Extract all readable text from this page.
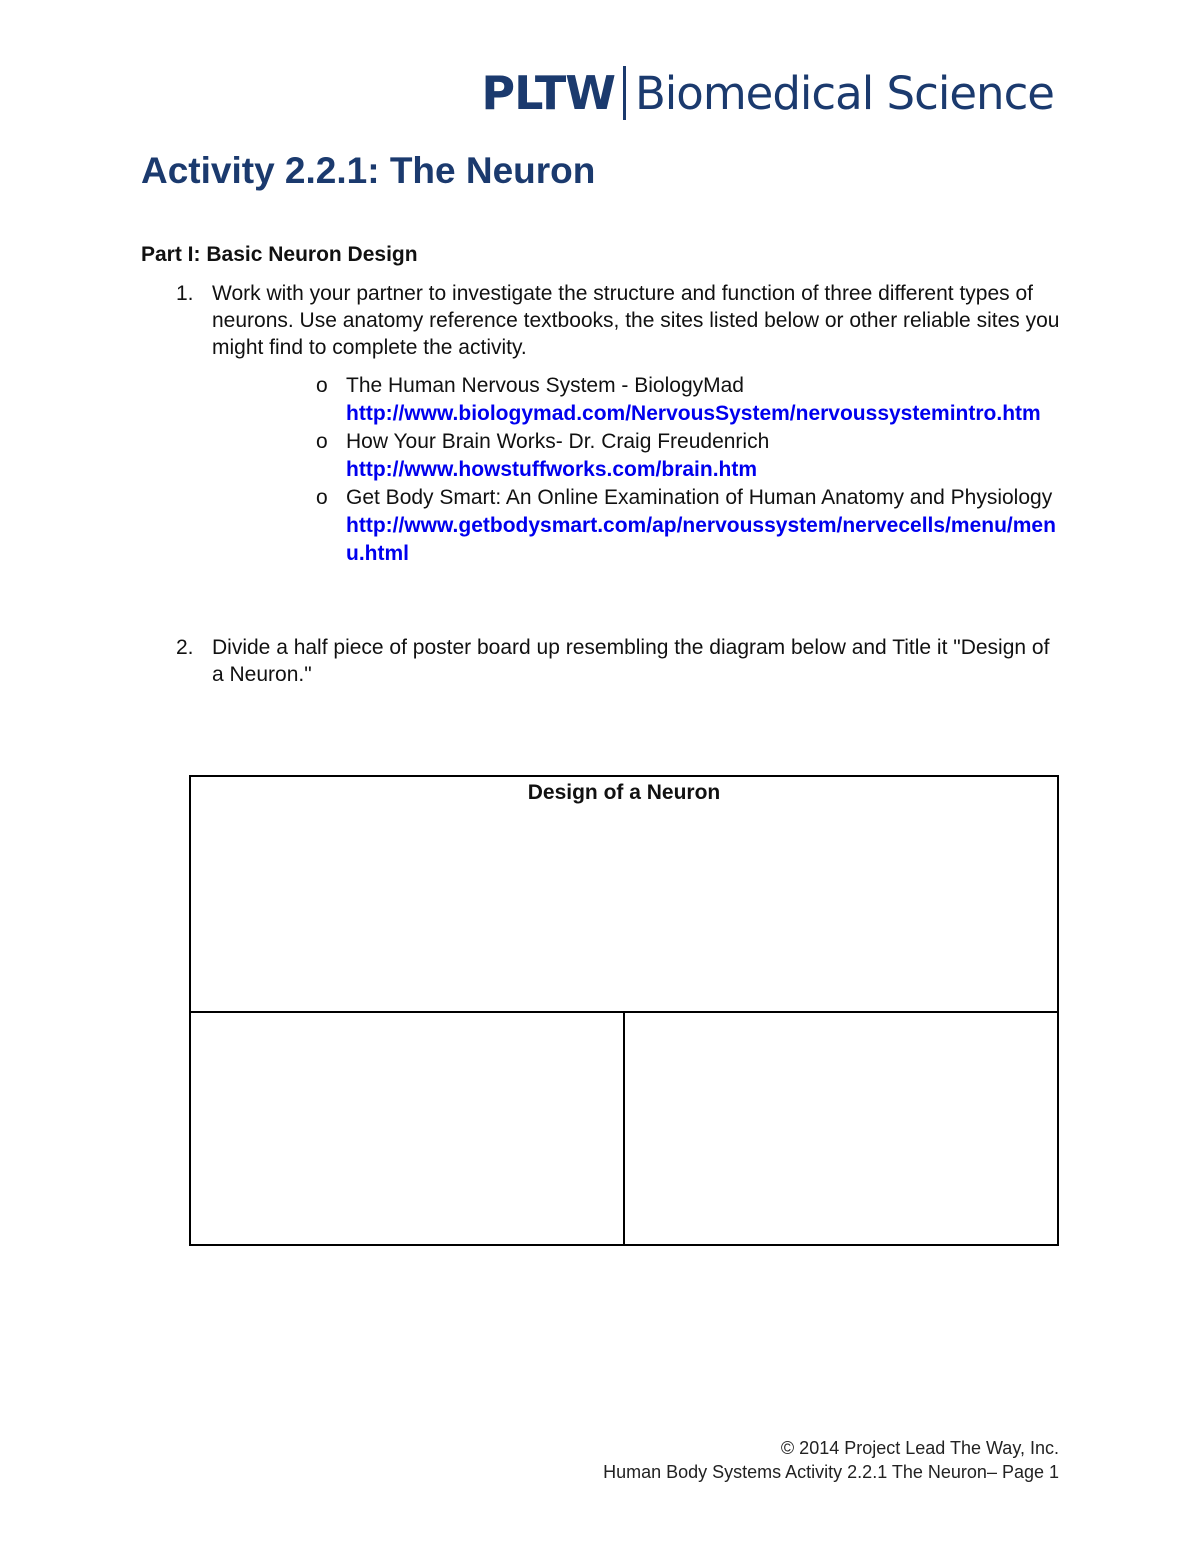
PLTW Biomedical Science
Activity 2.2.1: The Neuron
Part I: Basic Neuron Design
1. Work with your partner to investigate the structure and function of three different types of neurons. Use anatomy reference textbooks, the sites listed below or other reliable sites you might find to complete the activity.
o The Human Nervous System - BiologyMad
http://www.biologymad.com/NervousSystem/nervoussystemintro.htm
o How Your Brain Works- Dr. Craig Freudenrich
http://www.howstuffworks.com/brain.htm
o Get Body Smart: An Online Examination of Human Anatomy and Physiology
http://www.getbodysmart.com/ap/nervoussystem/nervecells/menu/menu.html
2. Divide a half piece of poster board up resembling the diagram below and Title it "Design of a Neuron."
Design of a Neuron
© 2014 Project Lead The Way, Inc.
Human Body Systems Activity 2.2.1 The Neuron– Page 1
